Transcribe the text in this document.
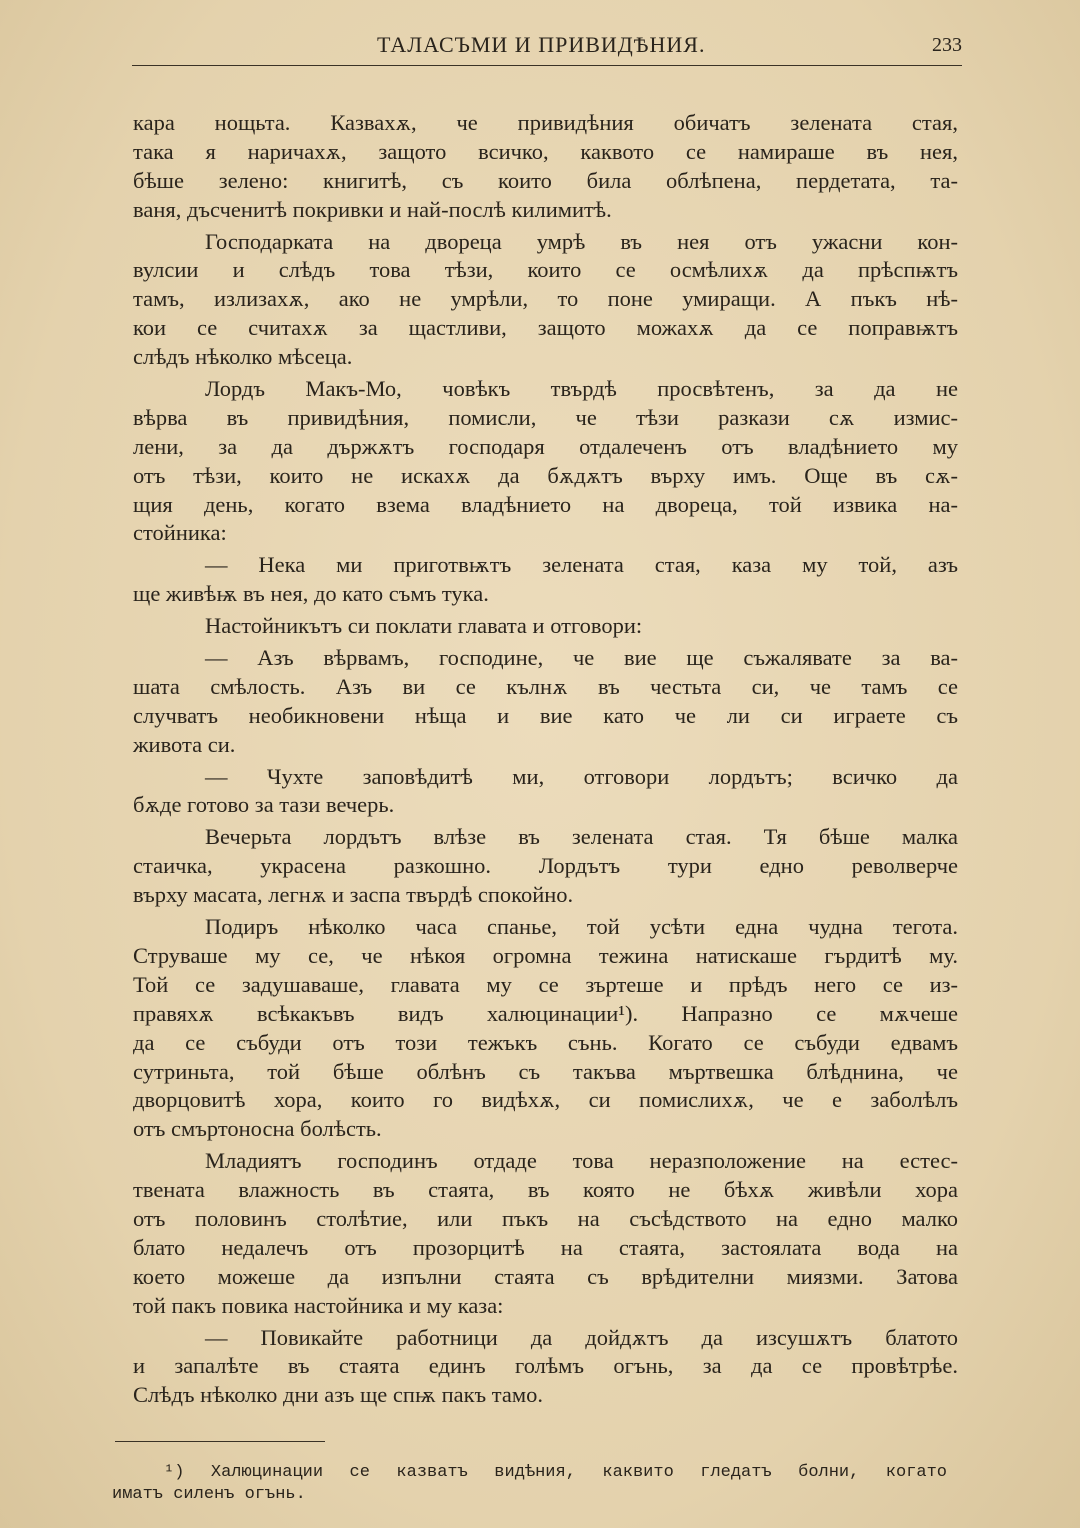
ТАЛАСЪМИ И ПРИВИДѢНИЯ.	233
кара нощьта. Казвахѫ, че привидѣния обичатъ зелената стая,
така я наричахѫ, защото всичко, каквото се намираше въ нея,
бѣше зелено: книгитѣ, съ които била облѣпена, пердетата, та-
ваня, дъсченитѣ покривки и най-послѣ килимитѣ.
Господарката на двореца умрѣ въ нея отъ ужасни кон-
вулсии и слѣдъ това тѣзи, които се осмѣлихѫ да прѣспѭтъ
тамъ, излизахѫ, ако не умрѣли, то поне умиращи. А пъкъ нѣ-
кои се считахѫ за щастливи, защото можахѫ да се поправѭтъ
слѣдъ нѣколко мѣсеца.
Лордъ Макъ-Мо, човѣкъ твърдѣ просвѣтенъ, за да не
вѣрва въ привидѣния, помисли, че тѣзи разкази сѫ измис-
лени, за да държѫтъ господаря отдалеченъ отъ владѣнието му
отъ тѣзи, които не искахѫ да бѫдѫтъ върху имъ. Още въ сѫ-
щия день, когато взема владѣнието на двореца, той извика на-
стойника:
— Нека ми приготвѭтъ зелената стая, каза му той, азъ
ще живѣѭ въ нея, до като съмъ тука.
Настойникътъ си поклати главата и отговори:
— Азъ вѣрвамъ, господине, че вие ще съжалявате за ва-
шата смѣлость. Азъ ви се кълнѫ въ честьта си, че тамъ се
случватъ необикновени нѣща и вие като че ли си играете съ
живота си.
— Чухте заповѣдитѣ ми, отговори лордътъ; всичко да
бѫде готово за тази вечерь.
Вечерьта лордътъ влѣзе въ зелената стая. Тя бѣше малка
стаичка, украсена разкошно. Лордътъ тури едно револверче
върху масата, легнѫ и заспа твърдѣ спокойно.
Подиръ нѣколко часа спанье, той усѣти една чудна тегота.
Струваше му се, че нѣкоя огромна тежина натискаше гърдитѣ му.
Той се задушаваше, главата му се зъртеше и прѣдъ него се из-
правяхѫ всѣкакъвъ видъ халюцинации¹). Напразно се мѫчеше
да се събуди отъ този тежъкъ сънь. Когато се събуди едвамъ
сутриньта, той бѣше облѣнъ съ такъва мъртвешка блѣднина, че
дворцовитѣ хора, които го видѣхѫ, си помислихѫ, че е заболѣлъ
отъ смъртоносна болѣсть.
Младиятъ господинъ отдаде това неразположение на естес-
твената влажность въ стаята, въ която не бѣхѫ живѣли хора
отъ половинъ столѣтие, или пъкъ на съсѣдството на едно малко
блато недалечъ отъ прозорцитѣ на стаята, застоялата вода на
което можеше да изпълни стаята съ врѣдителни миязми. Затова
той пакъ повика настойника и му каза:
— Повикайте работници да дойдѫтъ да изсушѫтъ блатото
и запалѣте въ стаята единъ голѣмъ огънь, за да се провѣтрѣе.
Слѣдъ нѣколко дни азъ ще спѭ пакъ тамо.
¹) Халюцинации се казватъ видѣния, каквито гледатъ болни, когато
иматъ силенъ огънь.
